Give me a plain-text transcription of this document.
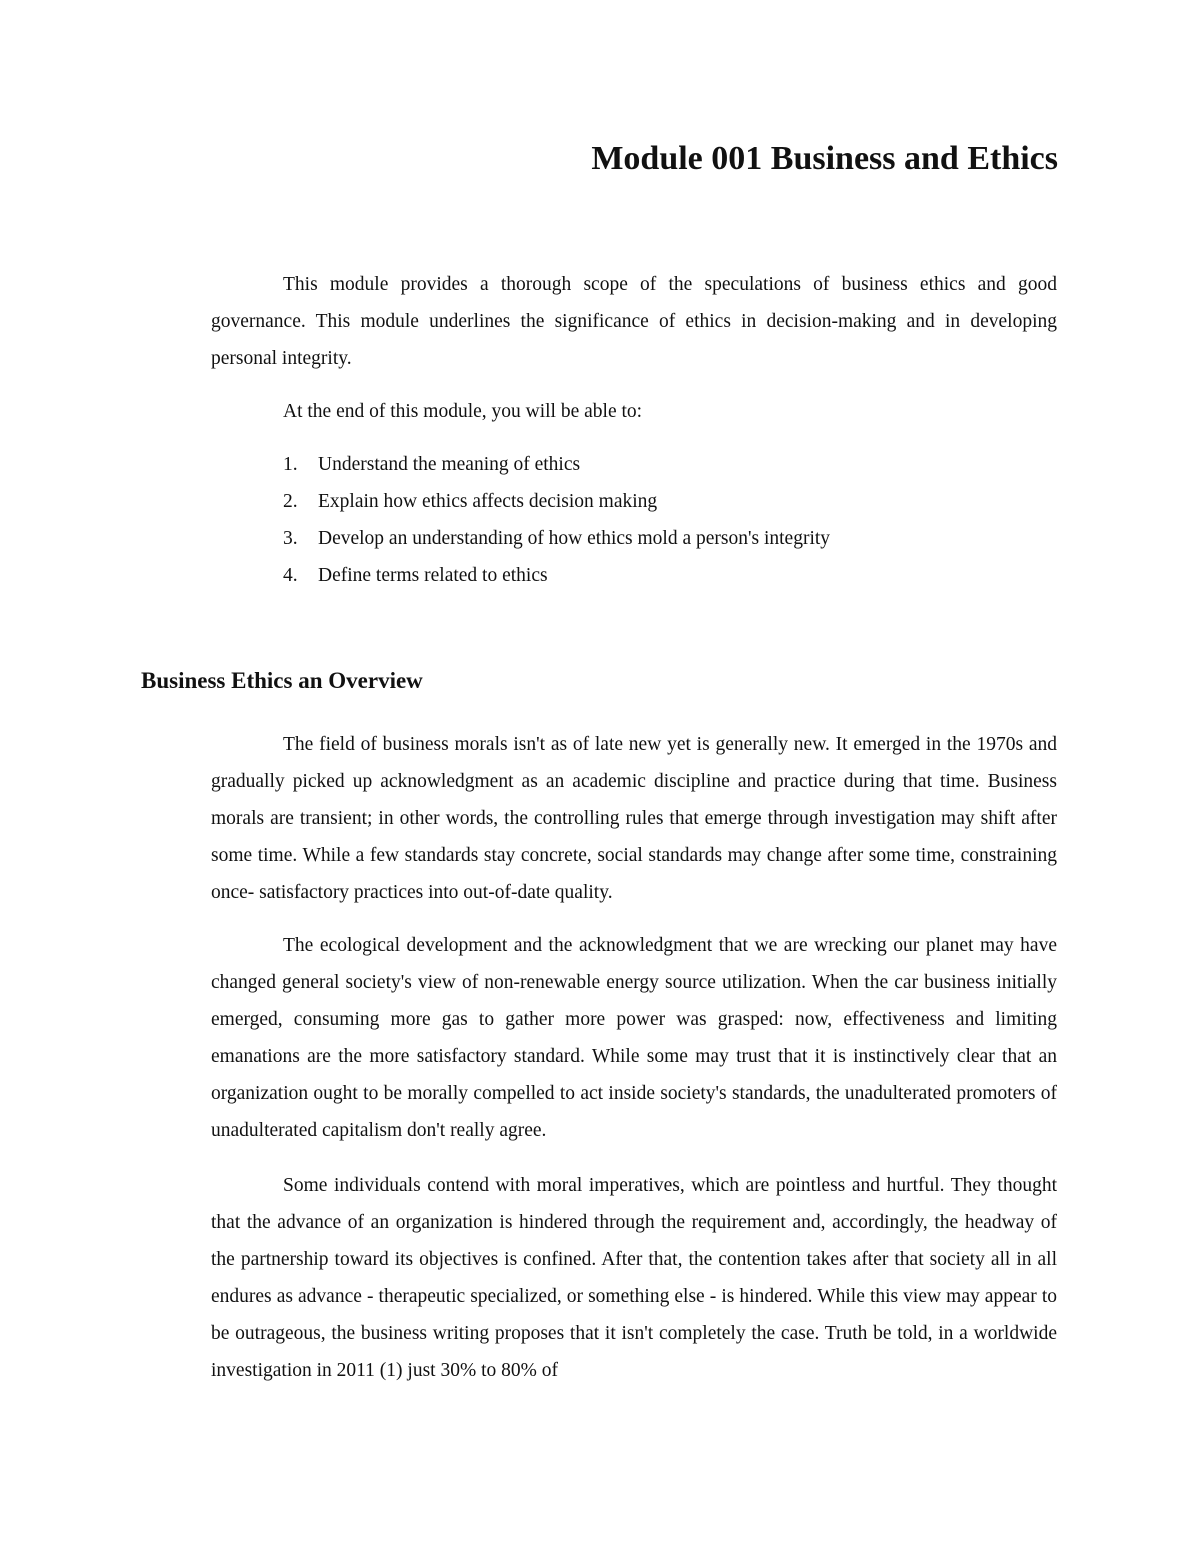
Module 001 Business and Ethics

This module provides a thorough scope of the speculations of business ethics and good governance. This module underlines the significance of ethics in decision-making and in developing personal integrity.

At the end of this module, you will be able to:

1. Understand the meaning of ethics
2. Explain how ethics affects decision making
3. Develop an understanding of how ethics mold a person's integrity
4. Define terms related to ethics
Business Ethics an Overview

The field of business morals isn't as of late new yet is generally new. It emerged in the 1970s and gradually picked up acknowledgment as an academic discipline and practice during that time. Business morals are transient; in other words, the controlling rules that emerge through investigation may shift after some time. While a few standards stay concrete, social standards may change after some time, constraining once- satisfactory practices into out-of-date quality.

The ecological development and the acknowledgment that we are wrecking our planet may have changed general society's view of non-renewable energy source utilization. When the car business initially emerged, consuming more gas to gather more power was grasped: now, effectiveness and limiting emanations are the more satisfactory standard. While some may trust that it is instinctively clear that an organization ought to be morally compelled to act inside society's standards, the unadulterated promoters of unadulterated capitalism don't really agree.

Some individuals contend with moral imperatives, which are pointless and hurtful. They thought that the advance of an organization is hindered through the requirement and, accordingly, the headway of the partnership toward its objectives is confined. After that, the contention takes after that society all in all endures as advance - therapeutic specialized, or something else - is hindered. While this view may appear to be outrageous, the business writing proposes that it isn't completely the case. Truth be told, in a worldwide investigation in 2011 (1) just 30% to 80% of
